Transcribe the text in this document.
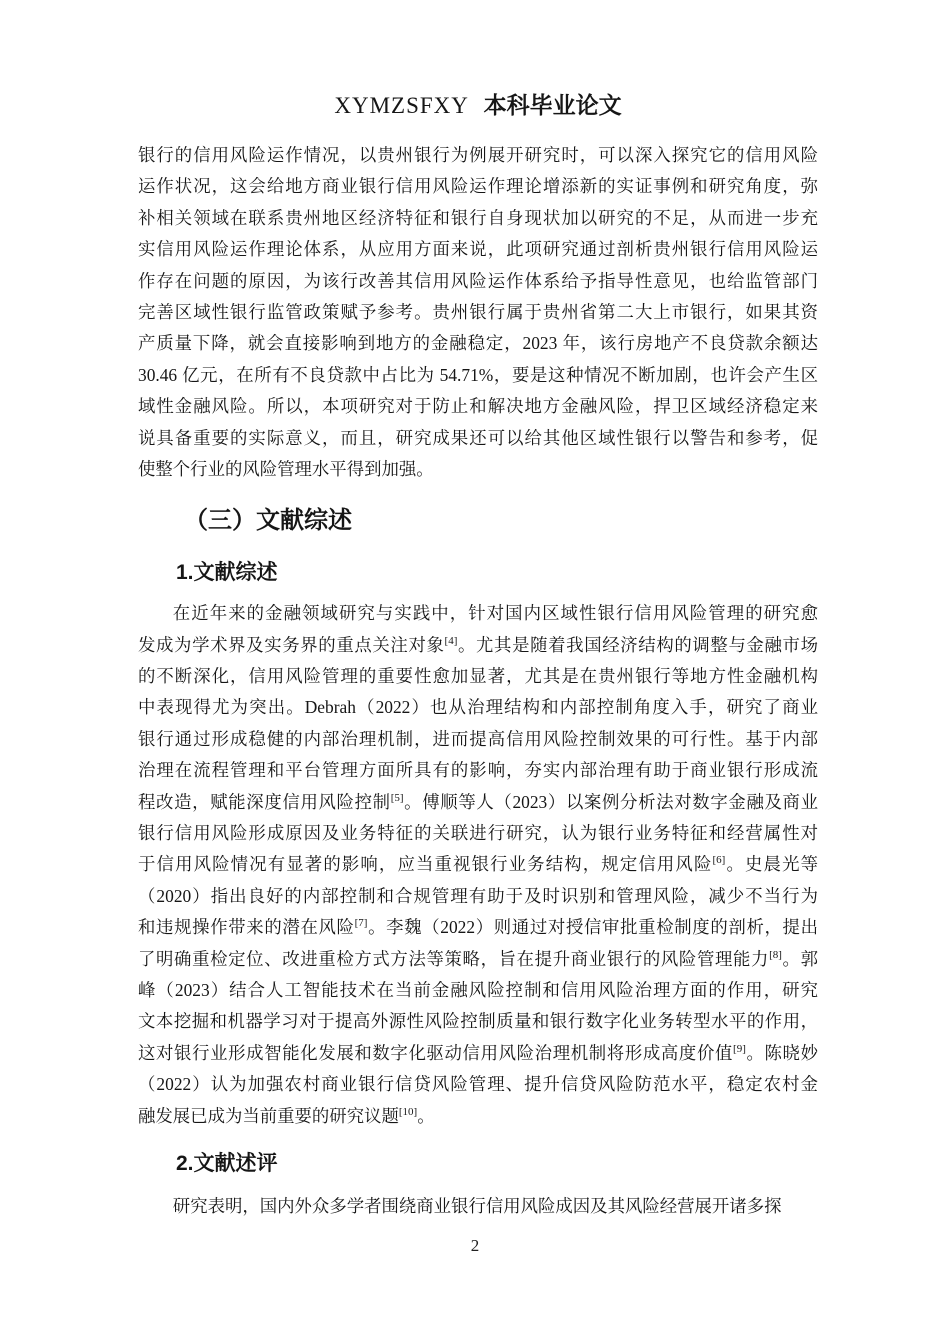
XYMZSFXY 本科毕业论文
银行的信用风险运作情况，以贵州银行为例展开研究时，可以深入探究它的信用风险
运作状况，这会给地方商业银行信用风险运作理论增添新的实证事例和研究角度，弥
补相关领域在联系贵州地区经济特征和银行自身现状加以研究的不足，从而进一步充
实信用风险运作理论体系，从应用方面来说，此项研究通过剖析贵州银行信用风险运
作存在问题的原因，为该行改善其信用风险运作体系给予指导性意见，也给监管部门
完善区域性银行监管政策赋予参考。贵州银行属于贵州省第二大上市银行，如果其资
产质量下降，就会直接影响到地方的金融稳定，2023 年，该行房地产不良贷款余额达
30.46 亿元，在所有不良贷款中占比为 54.71%，要是这种情况不断加剧，也许会产生区
域性金融风险。所以，本项研究对于防止和解决地方金融风险，捍卫区域经济稳定来
说具备重要的实际意义，而且，研究成果还可以给其他区域性银行以警告和参考，促
使整个行业的风险管理水平得到加强。
（三）文献综述
1.文献综述
在近年来的金融领域研究与实践中，针对国内区域性银行信用风险管理的研究愈
发成为学术界及实务界的重点关注对象[4]。尤其是随着我国经济结构的调整与金融市场
的不断深化，信用风险管理的重要性愈加显著，尤其是在贵州银行等地方性金融机构
中表现得尤为突出。Debrah（2022）也从治理结构和内部控制角度入手，研究了商业
银行通过形成稳健的内部治理机制，进而提高信用风险控制效果的可行性。基于内部
治理在流程管理和平台管理方面所具有的影响，夯实内部治理有助于商业银行形成流
程改造，赋能深度信用风险控制[5]。傅顺等人（2023）以案例分析法对数字金融及商业
银行信用风险形成原因及业务特征的关联进行研究，认为银行业务特征和经营属性对
于信用风险情况有显著的影响，应当重视银行业务结构，规定信用风险[6]。史晨光等
（2020）指出良好的内部控制和合规管理有助于及时识别和管理风险，减少不当行为
和违规操作带来的潜在风险[7]。李魏（2022）则通过对授信审批重检制度的剖析，提出
了明确重检定位、改进重检方式方法等策略，旨在提升商业银行的风险管理能力[8]。郭
峰（2023）结合人工智能技术在当前金融风险控制和信用风险治理方面的作用，研究
文本挖掘和机器学习对于提高外源性风险控制质量和银行数字化业务转型水平的作用，
这对银行业形成智能化发展和数字化驱动信用风险治理机制将形成高度价值[9]。陈晓妙
（2022）认为加强农村商业银行信贷风险管理、提升信贷风险防范水平，稳定农村金
融发展已成为当前重要的研究议题[10]。
2.文献述评
研究表明，国内外众多学者围绕商业银行信用风险成因及其风险经营展开诸多探
2
